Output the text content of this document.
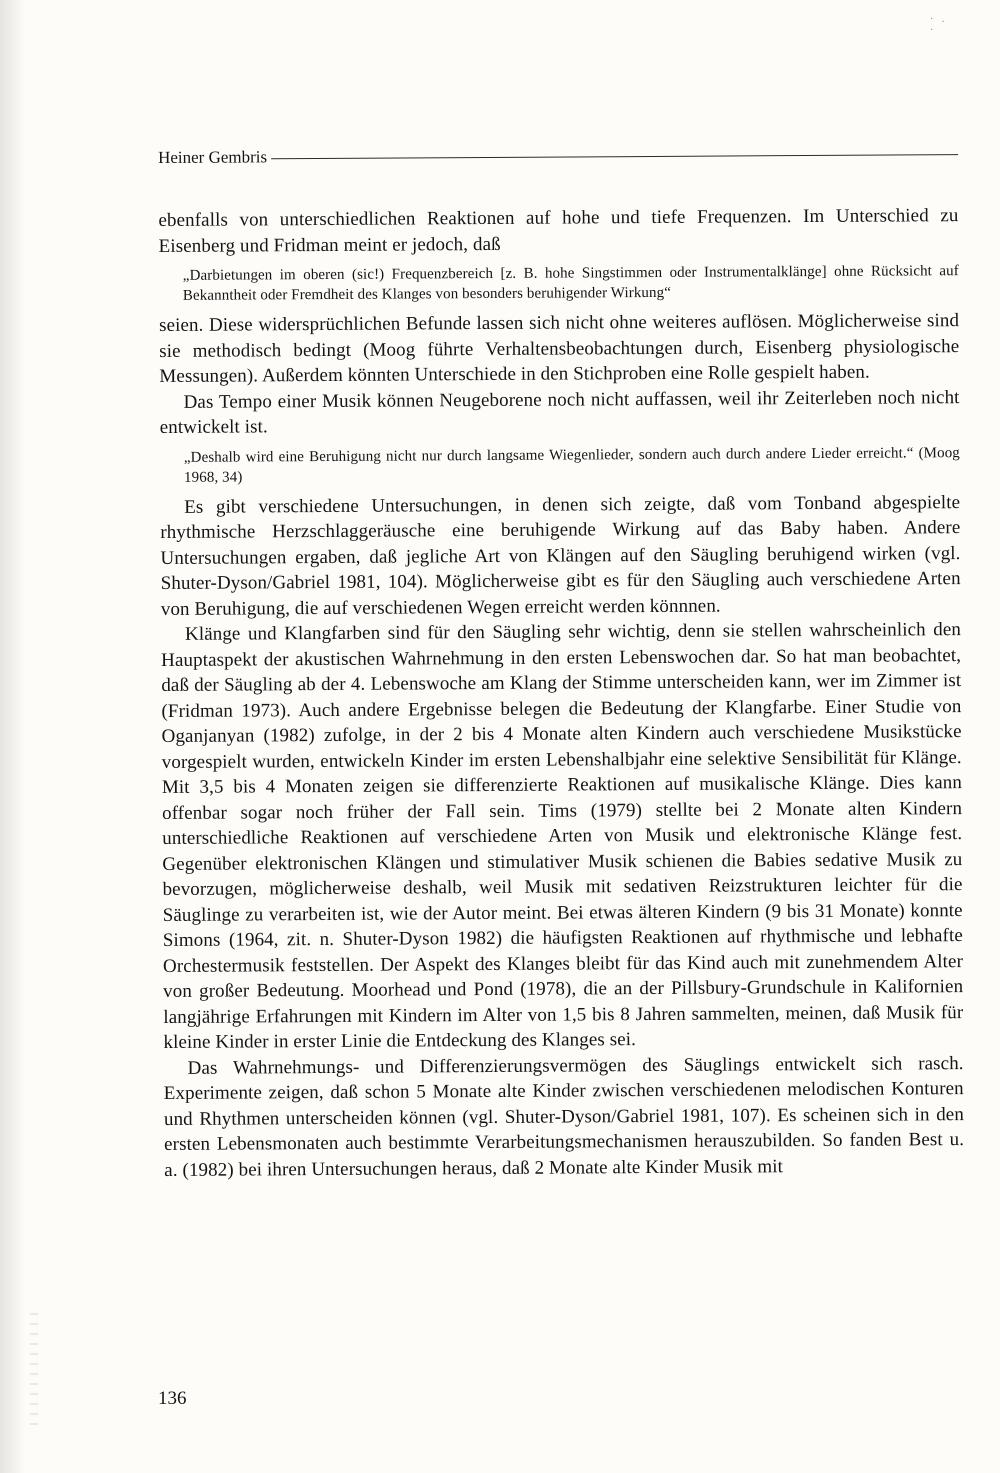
· . ·
Heiner Gembris

ebenfalls von unterschiedlichen Reaktionen auf hohe und tiefe Frequenzen. Im Unterschied zu Eisenberg und Fridman meint er jedoch, daß

„Darbietungen im oberen (sic!) Frequenzbereich [z. B. hohe Singstimmen oder Instrumentalklänge] ohne Rücksicht auf Bekanntheit oder Fremdheit des Klanges von besonders beruhigender Wirkung“

seien. Diese widersprüchlichen Befunde lassen sich nicht ohne weiteres auflösen. Möglicherweise sind sie methodisch bedingt (Moog führte Verhaltensbeobachtungen durch, Eisenberg physiologische Messungen). Außerdem könnten Unterschiede in den Stichproben eine Rolle gespielt haben.

Das Tempo einer Musik können Neugeborene noch nicht auffassen, weil ihr Zeiterleben noch nicht entwickelt ist.

„Deshalb wird eine Beruhigung nicht nur durch langsame Wiegenlieder, sondern auch durch andere Lieder erreicht.“ (Moog 1968, 34)

Es gibt verschiedene Untersuchungen, in denen sich zeigte, daß vom Tonband abgespielte rhythmische Herzschlaggeräusche eine beruhigende Wirkung auf das Baby haben. Andere Untersuchungen ergaben, daß jegliche Art von Klängen auf den Säugling beruhigend wirken (vgl. Shuter-Dyson/Gabriel 1981, 104). Möglicherweise gibt es für den Säugling auch verschiedene Arten von Beruhigung, die auf verschiedenen Wegen erreicht werden könnnen.

Klänge und Klangfarben sind für den Säugling sehr wichtig, denn sie stellen wahrscheinlich den Hauptaspekt der akustischen Wahrnehmung in den ersten Lebenswochen dar. So hat man beobachtet, daß der Säugling ab der 4. Lebenswoche am Klang der Stimme unterscheiden kann, wer im Zimmer ist (Fridman 1973). Auch andere Ergebnisse belegen die Bedeutung der Klangfarbe. Einer Studie von Oganjanyan (1982) zufolge, in der 2 bis 4 Monate alten Kindern auch verschiedene Musikstücke vorgespielt wurden, entwickeln Kinder im ersten Lebenshalbjahr eine selektive Sensibilität für Klänge. Mit 3,5 bis 4 Monaten zeigen sie differenzierte Reaktionen auf musikalische Klänge. Dies kann offenbar sogar noch früher der Fall sein. Tims (1979) stellte bei 2 Monate alten Kindern unterschiedliche Reaktionen auf verschiedene Arten von Musik und elektronische Klänge fest. Gegenüber elektronischen Klängen und stimulativer Musik schienen die Babies sedative Musik zu bevorzugen, möglicherweise deshalb, weil Musik mit sedativen Reizstrukturen leichter für die Säuglinge zu verarbeiten ist, wie der Autor meint. Bei etwas älteren Kindern (9 bis 31 Monate) konnte Simons (1964, zit. n. Shuter-Dyson 1982) die häufigsten Reaktionen auf rhythmische und lebhafte Orchestermusik feststellen. Der Aspekt des Klanges bleibt für das Kind auch mit zunehmendem Alter von großer Bedeutung. Moorhead und Pond (1978), die an der Pillsbury-Grundschule in Kalifornien langjährige Erfahrungen mit Kindern im Alter von 1,5 bis 8 Jahren sammelten, meinen, daß Musik für kleine Kinder in erster Linie die Entdeckung des Klanges sei.

Das Wahrnehmungs- und Differenzierungsvermögen des Säuglings entwickelt sich rasch. Experimente zeigen, daß schon 5 Monate alte Kinder zwischen verschiedenen melodischen Konturen und Rhythmen unterscheiden können (vgl. Shuter-Dyson/Gabriel 1981, 107). Es scheinen sich in den ersten Lebensmonaten auch bestimmte Verarbeitungsmechanismen herauszubilden. So fanden Best u. a. (1982) bei ihren Untersuchungen heraus, daß 2 Monate alte Kinder Musik mit

136
